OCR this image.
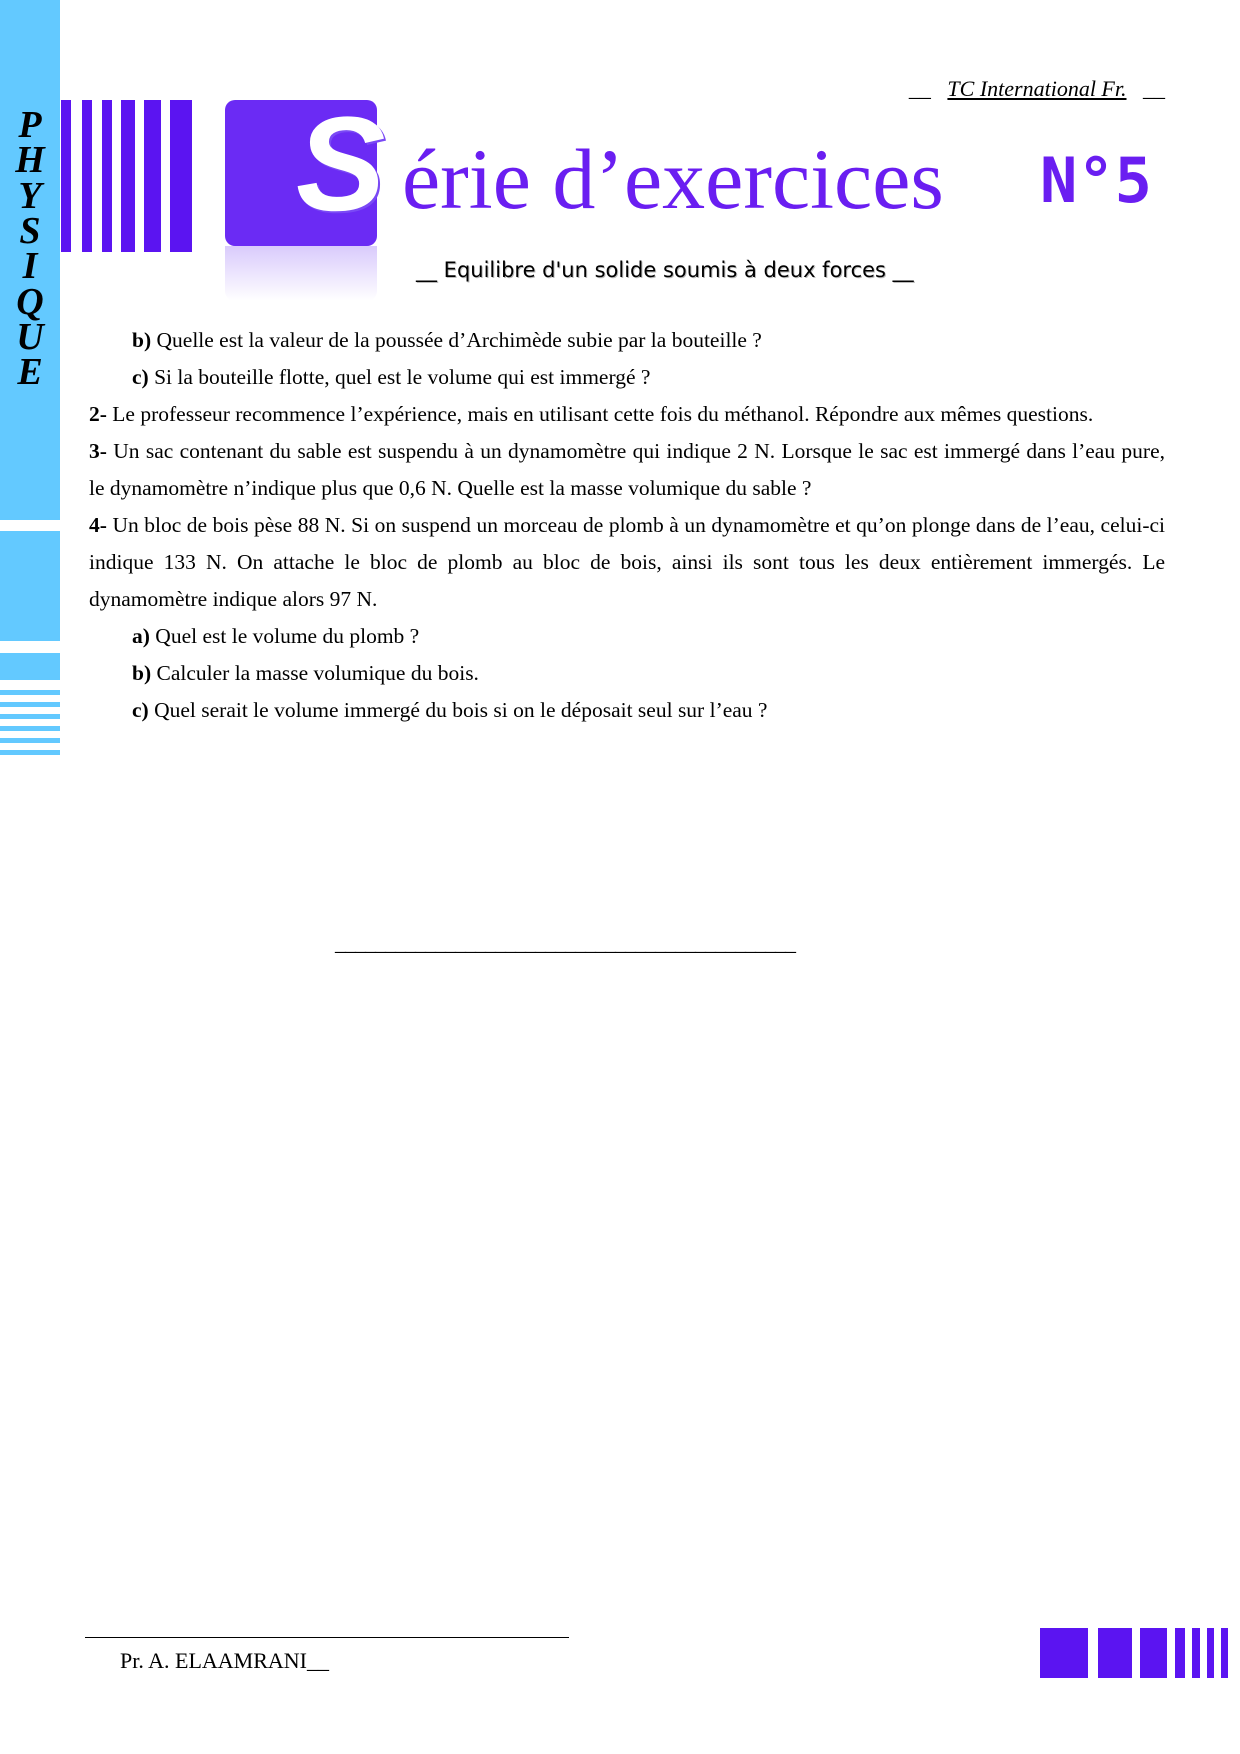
P
H
Y
S
I
Q
U
E
__ TC International Fr. __
S érie d’exercices N°5
__ Equilibre d'un solide soumis à deux forces __

b) Quelle est la valeur de la poussée d’Archimède subie par la bouteille ?

c) Si la bouteille flotte, quel est le volume qui est immergé ?

2- Le professeur recommence l’expérience, mais en utilisant cette fois du méthanol. Répondre aux mêmes questions.

3- Un sac contenant du sable est suspendu à un dynamomètre qui indique 2 N. Lorsque le sac est immergé dans l’eau pure, le dynamomètre n’indique plus que 0,6 N. Quelle est la masse volumique du sable ?

4- Un bloc de bois pèse 88 N. Si on suspend un morceau de plomb à un dynamomètre et qu’on plonge dans de l’eau, celui-ci indique 133 N. On attache le bloc de plomb au bloc de bois, ainsi ils sont tous les deux entièrement immergés. Le dynamomètre indique alors 97 N.

a) Quel est le volume du plomb ?

b) Calculer la masse volumique du bois.

c) Quel serait le volume immergé du bois si on le déposait seul sur l’eau ?

______________________________________________
Pr. A. ELAAMRANI__
